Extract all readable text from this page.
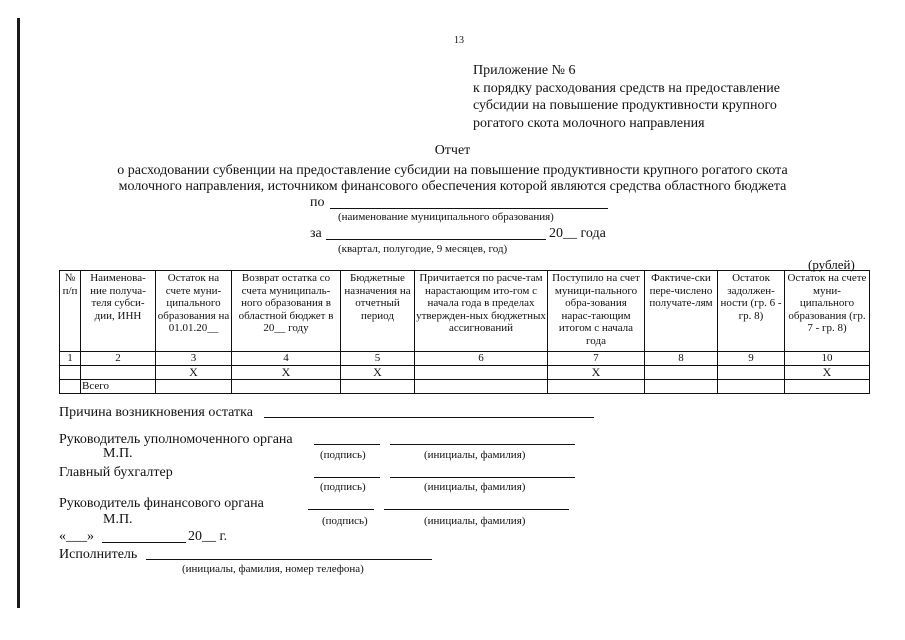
13
Приложение № 6
к порядку расходования средств на предоставление
субсидии на повышение продуктивности крупного
рогатого скота молочного направления
Отчет
о расходовании субвенции на предоставление субсидии на повышение продуктивности крупного рогатого скота
молочного направления, источником финансового обеспечения которой являются средства областного бюджета
по
(наименование муниципального образования)
за	20__ года
(квартал, полугодие, 9 месяцев, год)
(рублей)
№ п/п	Наименова-ние получа-теля субси-дии, ИНН	Остаток на счете муни-ципального образования на 01.01.20__	Возврат остатка со счета муниципаль-ного образования в областной бюджет в 20__ году	Бюджетные назначения на отчетный период	Причитается по расче-там нарастающим ито-гом с начала года в пределах утвержден-ных бюджетных ассигнований	Поступило на счет муници-пального обра-зования нарас-тающим итогом с начала года	Фактиче-ски пере-числено получате-лям	Остаток задолжен-ности (гр. 6 - гр. 8)	Остаток на счете муни-ципального образования (гр. 7 - гр. 8)
1	2	3	4	5	6	7	8	9	10
		X	X	X		X			X
	Всего								
Причина возникновения остатка
Руководитель уполномоченного органа
М.П.	(подпись)	(инициалы, фамилия)
Главный бухгалтер
(подпись)	(инициалы, фамилия)
Руководитель финансового органа
М.П.	(подпись)	(инициалы, фамилия)
«___»	20__ г.
Исполнитель
(инициалы, фамилия, номер телефона)
